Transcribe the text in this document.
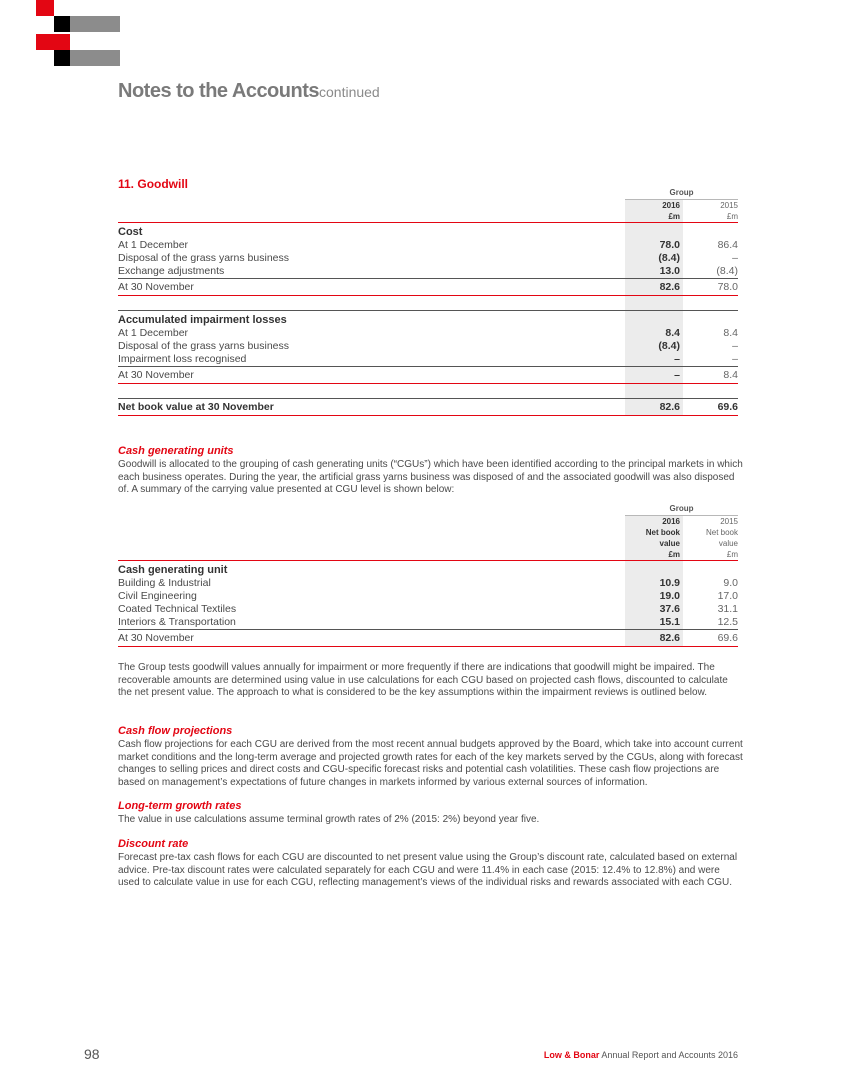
Notes to the Accountscontinued
11. Goodwill
	Group	
	2016	2015
	£m	£m
Cost		
At 1 December	78.0	86.4
Disposal of the grass yarns business	(8.4)	–
Exchange adjustments	13.0	(8.4)
At 30 November	82.6	78.0

Accumulated impairment losses		
At 1 December	8.4	8.4
Disposal of the grass yarns business	(8.4)	–
Impairment loss recognised	–	–
At 30 November	–	8.4

Net book value at 30 November	82.6	69.6
Cash generating units

Goodwill is allocated to the grouping of cash generating units (“CGUs”) which have been identified according to the principal markets in which each business operates. During the year, the artificial grass yarns business was disposed of and the associated goodwill was also disposed of. A summary of the carrying value presented at CGU level is shown below:

	Group	
	2016	2015
	Net book	Net book
	value	value
	£m	£m
Cash generating unit		
Building & Industrial	10.9	9.0
Civil Engineering	19.0	17.0
Coated Technical Textiles	37.6	31.1
Interiors & Transportation	15.1	12.5
At 30 November	82.6	69.6

The Group tests goodwill values annually for impairment or more frequently if there are indications that goodwill might be impaired. The recoverable amounts are determined using value in use calculations for each CGU based on projected cash flows, discounted to calculate the net present value. The approach to what is considered to be the key assumptions within the impairment reviews is outlined below.

Cash flow projections

Cash flow projections for each CGU are derived from the most recent annual budgets approved by the Board, which take into account current market conditions and the long-term average and projected growth rates for each of the key markets served by the CGUs, along with forecast changes to selling prices and direct costs and CGU-specific forecast risks and potential cash volatilities. These cash flow projections are based on management’s expectations of future changes in markets informed by various external sources of information.

Long-term growth rates

The value in use calculations assume terminal growth rates of 2% (2015: 2%) beyond year five.

Discount rate

Forecast pre-tax cash flows for each CGU are discounted to net present value using the Group’s discount rate, calculated based on external advice. Pre-tax discount rates were calculated separately for each CGU and were 11.4% in each case (2015: 12.4% to 12.8%) and were used to calculate value in use for each CGU, reflecting management’s views of the individual risks and rewards associated with each CGU.

98	Low & Bonar Annual Report and Accounts 2016
